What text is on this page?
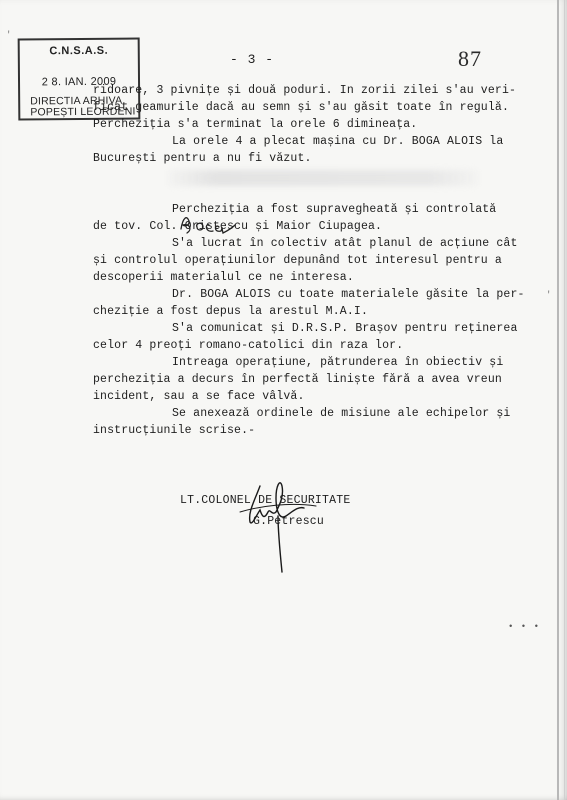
C.N.S.A.S.
2 8. IAN. 2009
DIRECTIA ARHIVA
POPEȘTI LEORDENI
- 3 -	87

ridoare, 3 pivnițe și două poduri. In zorii zilei s'au veri-

ficat geamurile dacă au semn și s'au găsit toate în regulă.

Percheziția s'a terminat la orele 6 dimineața.

La orele 4 a plecat mașina cu Dr. BOGA ALOIS la

București pentru a nu fi văzut.

Percheziția a fost supravegheată și controlată

de tov. Col. Oristescu și Maior Ciupagea.

S'a lucrat în colectiv atât planul de acțiune cât

și controlul operațiunilor depunând tot interesul pentru a

descoperii materialul ce ne interesa.

Dr. BOGA ALOIS cu toate materialele găsite la per-

cheziție a fost depus la arestul M.A.I.

S'a comunicat și D.R.S.P. Brașov pentru reținerea

celor 4 preoți romano-catolici din raza lor.

Intreaga operațiune, pătrunderea în obiectiv și

percheziția a decurs în perfectă liniște fără a avea vreun

incident, sau a se face vâlvă.

Se anexează ordinele de misiune ale echipelor și

instrucțiunile scrise.-

LT.COLONEL DE SECURITATE
G.Petrescu
• • •
'
'
